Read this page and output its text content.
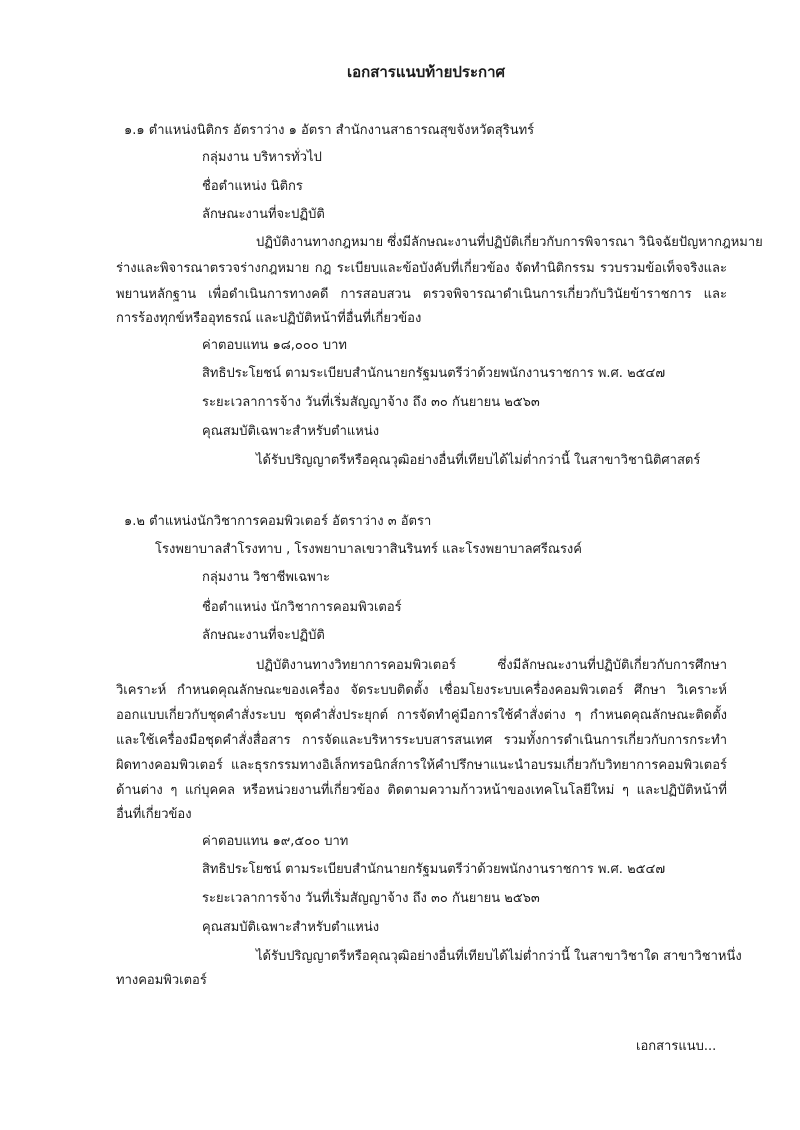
เอกสารแนบท้ายประกาศ
๑.๑ ตำแหน่งนิติกร อัตราว่าง ๑ อัตรา สำนักงานสาธารณสุขจังหวัดสุรินทร์
กลุ่มงาน บริหารทั่วไป
ชื่อตำแหน่ง นิติกร
ลักษณะงานที่จะปฏิบัติ
ปฏิบัติงานทางกฎหมาย ซึ่งมีลักษณะงานที่ปฏิบัติเกี่ยวกับการพิจารณา วินิจฉัยปัญหากฎหมาย
ร่างและพิจารณาตรวจร่างกฎหมาย กฎ ระเบียบและข้อบังคับที่เกี่ยวข้อง จัดทำนิติกรรม รวบรวมข้อเท็จจริงและ
พยานหลักฐาน เพื่อดำเนินการทางคดี การสอบสวน ตรวจพิจารณาดำเนินการเกี่ยวกับวินัยข้าราชการ และ
การร้องทุกข์หรืออุทธรณ์ และปฏิบัติหน้าที่อื่นที่เกี่ยวข้อง
ค่าตอบแทน ๑๘,๐๐๐ บาท
สิทธิประโยชน์ ตามระเบียบสำนักนายกรัฐมนตรีว่าด้วยพนักงานราชการ พ.ศ. ๒๕๔๗
ระยะเวลาการจ้าง วันที่เริ่มสัญญาจ้าง ถึง ๓๐ กันยายน ๒๕๖๓
คุณสมบัติเฉพาะสำหรับตำแหน่ง
ได้รับปริญญาตรีหรือคุณวุฒิอย่างอื่นที่เทียบได้ไม่ต่ำกว่านี้ ในสาขาวิชานิติศาสตร์
๑.๒ ตำแหน่งนักวิชาการคอมพิวเตอร์ อัตราว่าง ๓ อัตรา
โรงพยาบาลสำโรงทาบ , โรงพยาบาลเขวาสินรินทร์ และโรงพยาบาลศรีณรงค์
กลุ่มงาน วิชาชีพเฉพาะ
ชื่อตำแหน่ง นักวิชาการคอมพิวเตอร์
ลักษณะงานที่จะปฏิบัติ
ปฏิบัติงานทางวิทยาการคอมพิวเตอร์ ซึ่งมีลักษณะงานที่ปฏิบัติเกี่ยวกับการศึกษา
วิเคราะห์ กำหนดคุณลักษณะของเครื่อง จัดระบบติดตั้ง เชื่อมโยงระบบเครื่องคอมพิวเตอร์ ศึกษา วิเคราะห์
ออกแบบเกี่ยวกับชุดคำสั่งระบบ ชุดคำสั่งประยุกต์ การจัดทำคู่มือการใช้คำสั่งต่าง ๆ กำหนดคุณลักษณะติดตั้ง
และใช้เครื่องมือชุดคำสั่งสื่อสาร การจัดและบริหารระบบสารสนเทศ รวมทั้งการดำเนินการเกี่ยวกับการกระทำ
ผิดทางคอมพิวเตอร์ และธุรกรรมทางอิเล็กทรอนิกส์การให้คำปรึกษาแนะนำอบรมเกี่ยวกับวิทยาการคอมพิวเตอร์
ด้านต่าง ๆ แก่บุคคล หรือหน่วยงานที่เกี่ยวข้อง ติดตามความก้าวหน้าของเทคโนโลยีใหม่ ๆ และปฏิบัติหน้าที่
อื่นที่เกี่ยวข้อง
ค่าตอบแทน ๑๙,๕๐๐ บาท
สิทธิประโยชน์ ตามระเบียบสำนักนายกรัฐมนตรีว่าด้วยพนักงานราชการ พ.ศ. ๒๕๔๗
ระยะเวลาการจ้าง วันที่เริ่มสัญญาจ้าง ถึง ๓๐ กันยายน ๒๕๖๓
คุณสมบัติเฉพาะสำหรับตำแหน่ง
ได้รับปริญญาตรีหรือคุณวุฒิอย่างอื่นที่เทียบได้ไม่ต่ำกว่านี้ ในสาขาวิชาใด สาขาวิชาหนึ่ง
ทางคอมพิวเตอร์
เอกสารแนบ...
